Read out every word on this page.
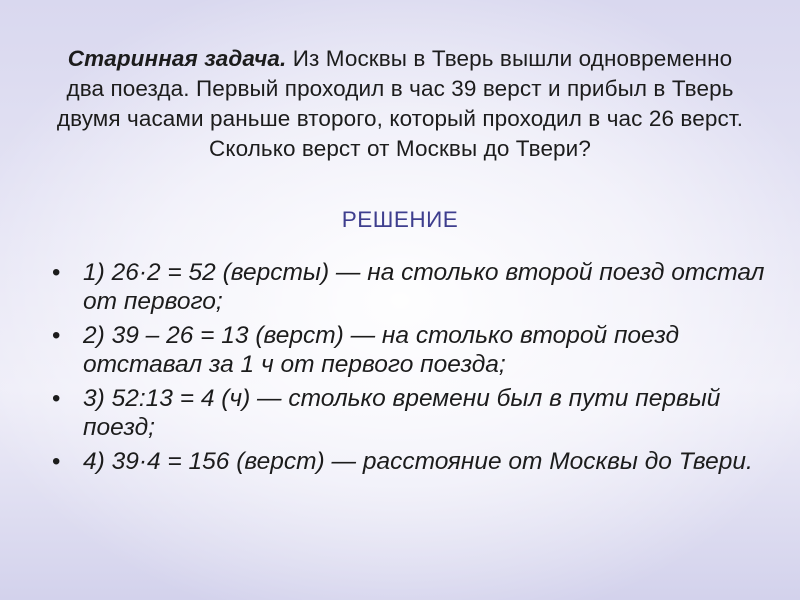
Старинная задача. Из Москвы в Тверь вышли одновременно два поезда. Первый проходил в час 39 верст и прибыл в Тверь двумя часами раньше второго, который проходил в час 26 верст. Сколько верст от Москвы до Твери?

РЕШЕНИЕ
• 1) 26·2 = 52 (версты) — на столько второй поезд отстал от первого;
• 2) 39 – 26 = 13 (верст) — на столько второй поезд отставал за 1 ч от первого поезда;
• 3) 52:13 = 4 (ч) — столько времени был в пути первый поезд;
• 4) 39·4 = 156 (верст) — расстояние от Москвы до Твери.
